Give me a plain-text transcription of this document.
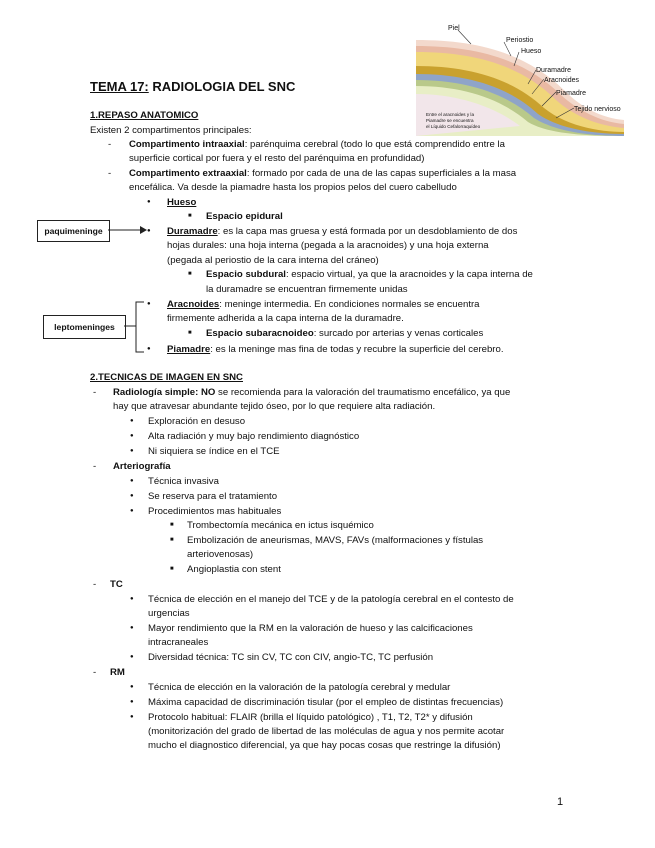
Piel
Periostio
Hueso
Duramadre
Aracnoides
Piamadre
Tejido nervioso
Entre el aracnoides y la
Piamadre se encuentra
el Líquido Cefalorraquídeo
TEMA 17: RADIOLOGIA DEL SNC
1.REPASO ANATOMICO
Existen 2 compartimentos principales:
- Compartimento intraaxial: parénquima cerebral (todo lo que está comprendido entre la
superficie cortical por fuera y el resto del parénquima en profundidad)
- Compartimento extraaxial: formado por cada de una de las capas superficiales a la masa
encefálica. Va desde la piamadre hasta los propios pelos del cuero cabelludo
●
Hueso
■
Espacio epidural
paquimeninge
●	Duramadre: es la capa mas gruesa y está formada por un desdoblamiento de dos
hojas durales: una hoja interna (pegada a la aracnoides) y una hoja externa
(pegada al periostio de la cara interna del cráneo)
■
Espacio subdural: espacio virtual, ya que la aracnoides y la capa interna de
la duramadre se encuentran firmemente unidas
leptomeninges
●
Aracnoides: meninge intermedia. En condiciones normales se encuentra
firmemente adherida a la capa interna de la duramadre.
■
Espacio subaracnoideo: surcado por arterias y venas corticales
●
Piamadre: es la meninge mas fina de todas y recubre la superficie del cerebro.
2.TECNICAS DE IMAGEN EN SNC
- Radiología simple: NO se recomienda para la valoración del traumatismo encefálico, ya que
hay que atravesar abundante tejido óseo, por lo que requiere alta radiación.
●
Exploración en desuso
●
Alta radiación y muy bajo rendimiento diagnóstico
●
Ni siquiera se índice en el TCE
- Arteriografía
●
Técnica invasiva
●
Se reserva para el tratamiento
●
Procedimientos mas habituales
■
Trombectomía mecánica en ictus isquémico
■
Embolización de aneurismas, MAVS, FAVs (malformaciones y fístulas
arteriovenosas)
■
Angioplastia con stent
- TC
●
Técnica de elección en el manejo del TCE y de la patología cerebral en el contesto de
urgencias
●
Mayor rendimiento que la RM en la valoración de hueso y las calcificaciones
intracraneales
●
Diversidad técnica: TC sin CV, TC con CIV, angio-TC, TC perfusión
- RM
●
Técnica de elección en la valoración de la patología cerebral y medular
●
Máxima capacidad de discriminación tisular (por el empleo de distintas frecuencias)
●
Protocolo habitual: FLAIR (brilla el líquido patológico) , T1, T2, T2* y difusión
(monitorización del grado de libertad de las moléculas de agua y nos permite acotar
mucho el diagnostico diferencial, ya que hay pocas cosas que restringe la difusión)
1
